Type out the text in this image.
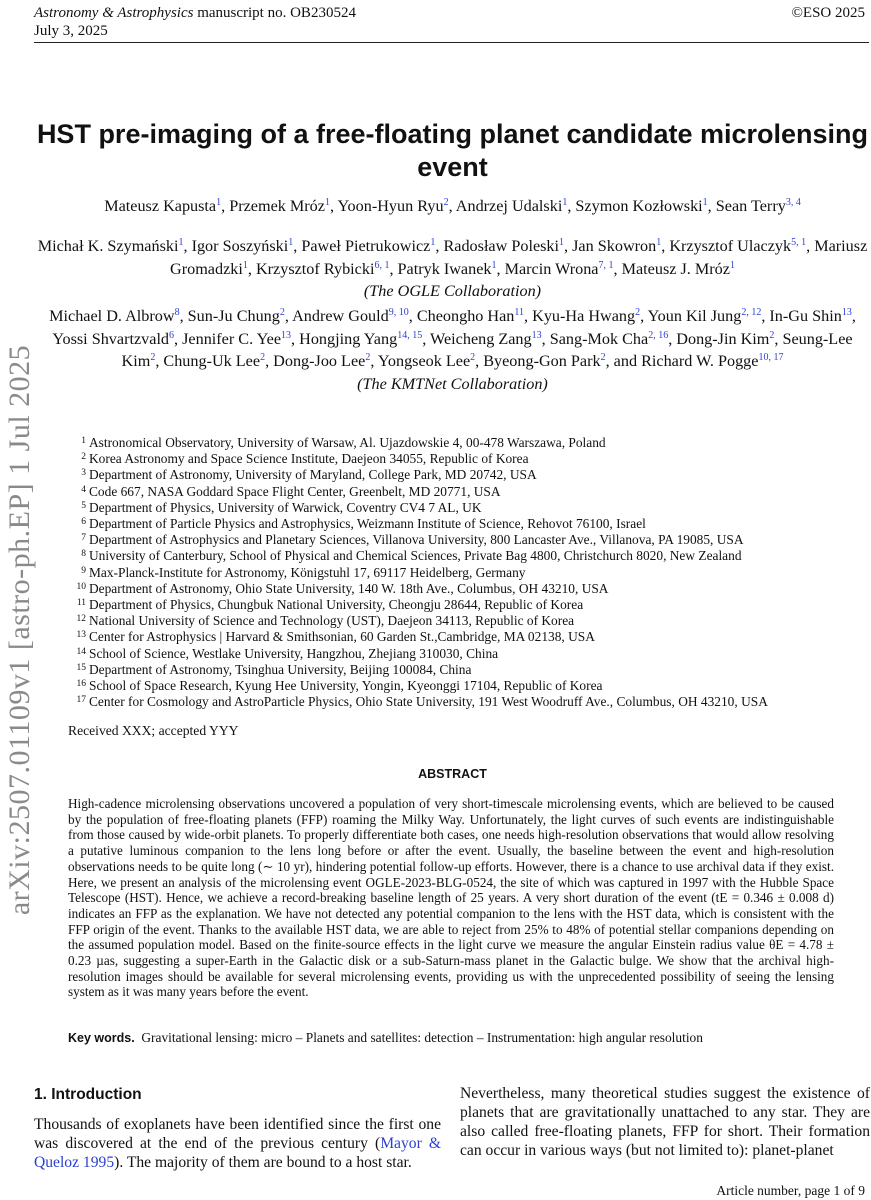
Astronomy & Astrophysics manuscript no. OB230524
July 3, 2025
©ESO 2025
arXiv:2507.01109v1 [astro-ph.EP] 1 Jul 2025
HST pre-imaging of a free-floating planet candidate microlensing event
Mateusz Kapusta$^1$, Przemek Mróz$^1$, Yoon-Hyun Ryu$^2$, Andrzej Udalski$^1$, Szymon Kozłowski$^1$, Sean Terry$^{3, 4}$
Michał K. Szymański$^1$, Igor Soszyński$^1$, Paweł Pietrukowicz$^1$, Radosław Poleski$^1$, Jan Skowron$^1$, Krzysztof Ulaczyk$^{5, 1}$, Mariusz Gromadzki$^1$, Krzysztof Rybicki$^{6, 1}$, Patryk Iwanek$^1$, Marcin Wrona$^{7, 1}$, Mateusz J. Mróz$^1$
(The OGLE Collaboration)
Michael D. Albrow$^8$, Sun-Ju Chung$^2$, Andrew Gould$^{9, 10}$, Cheongho Han$^{11}$, Kyu-Ha Hwang$^2$, Youn Kil Jung$^{2, 12}$, In-Gu Shin$^{13}$, Yossi Shvartzvald$^6$, Jennifer C. Yee$^{13}$, Hongjing Yang$^{14, 15}$, Weicheng Zang$^{13}$, Sang-Mok Cha$^{2, 16}$, Dong-Jin Kim$^2$, Seung-Lee Kim$^2$, Chung-Uk Lee$^2$, Dong-Joo Lee$^2$, Yongseok Lee$^2$, Byeong-Gon Park$^2$, and Richard W. Pogge$^{10, 17}$
(The KMTNet Collaboration)
1 Astronomical Observatory, University of Warsaw, Al. Ujazdowskie 4, 00-478 Warszawa, Poland
2 Korea Astronomy and Space Science Institute, Daejeon 34055, Republic of Korea
3 Department of Astronomy, University of Maryland, College Park, MD 20742, USA
4 Code 667, NASA Goddard Space Flight Center, Greenbelt, MD 20771, USA
5 Department of Physics, University of Warwick, Coventry CV4 7 AL, UK
6 Department of Particle Physics and Astrophysics, Weizmann Institute of Science, Rehovot 76100, Israel
7 Department of Astrophysics and Planetary Sciences, Villanova University, 800 Lancaster Ave., Villanova, PA 19085, USA
8 University of Canterbury, School of Physical and Chemical Sciences, Private Bag 4800, Christchurch 8020, New Zealand
9 Max-Planck-Institute for Astronomy, Königstuhl 17, 69117 Heidelberg, Germany
10 Department of Astronomy, Ohio State University, 140 W. 18th Ave., Columbus, OH 43210, USA
11 Department of Physics, Chungbuk National University, Cheongju 28644, Republic of Korea
12 National University of Science and Technology (UST), Daejeon 34113, Republic of Korea
13 Center for Astrophysics | Harvard & Smithsonian, 60 Garden St.,Cambridge, MA 02138, USA
14 School of Science, Westlake University, Hangzhou, Zhejiang 310030, China
15 Department of Astronomy, Tsinghua University, Beijing 100084, China
16 School of Space Research, Kyung Hee University, Yongin, Kyeonggi 17104, Republic of Korea
17 Center for Cosmology and AstroParticle Physics, Ohio State University, 191 West Woodruff Ave., Columbus, OH 43210, USA
Received XXX; accepted YYY
ABSTRACT
High-cadence microlensing observations uncovered a population of very short-timescale microlensing events, which are believed to be caused by the population of free-floating planets (FFP) roaming the Milky Way. Unfortunately, the light curves of such events are indistinguishable from those caused by wide-orbit planets. To properly differentiate both cases, one needs high-resolution observations that would allow resolving a putative luminous companion to the lens long before or after the event. Usually, the baseline between the event and high-resolution observations needs to be quite long (∼ 10 yr), hindering potential follow-up efforts. However, there is a chance to use archival data if they exist. Here, we present an analysis of the microlensing event OGLE-2023-BLG-0524, the site of which was captured in 1997 with the Hubble Space Telescope (HST). Hence, we achieve a record-breaking baseline length of 25 years. A very short duration of the event (tE = 0.346 ± 0.008 d) indicates an FFP as the explanation. We have not detected any potential companion to the lens with the HST data, which is consistent with the FFP origin of the event. Thanks to the available HST data, we are able to reject from 25% to 48% of potential stellar companions depending on the assumed population model. Based on the finite-source effects in the light curve we measure the angular Einstein radius value θE = 4.78 ± 0.23 µas, suggesting a super-Earth in the Galactic disk or a sub-Saturn-mass planet in the Galactic bulge. We show that the archival high-resolution images should be available for several microlensing events, providing us with the unprecedented possibility of seeing the lensing system as it was many years before the event.
Key words. Gravitational lensing: micro – Planets and satellites: detection – Instrumentation: high angular resolution
1. Introduction
Thousands of exoplanets have been identified since the first one was discovered at the end of the previous century (Mayor & Queloz 1995). The majority of them are bound to a host star.
Nevertheless, many theoretical studies suggest the existence of planets that are gravitationally unattached to any star. They are also called free-floating planets, FFP for short. Their formation can occur in various ways (but not limited to): planet-planet
Article number, page 1 of 9
